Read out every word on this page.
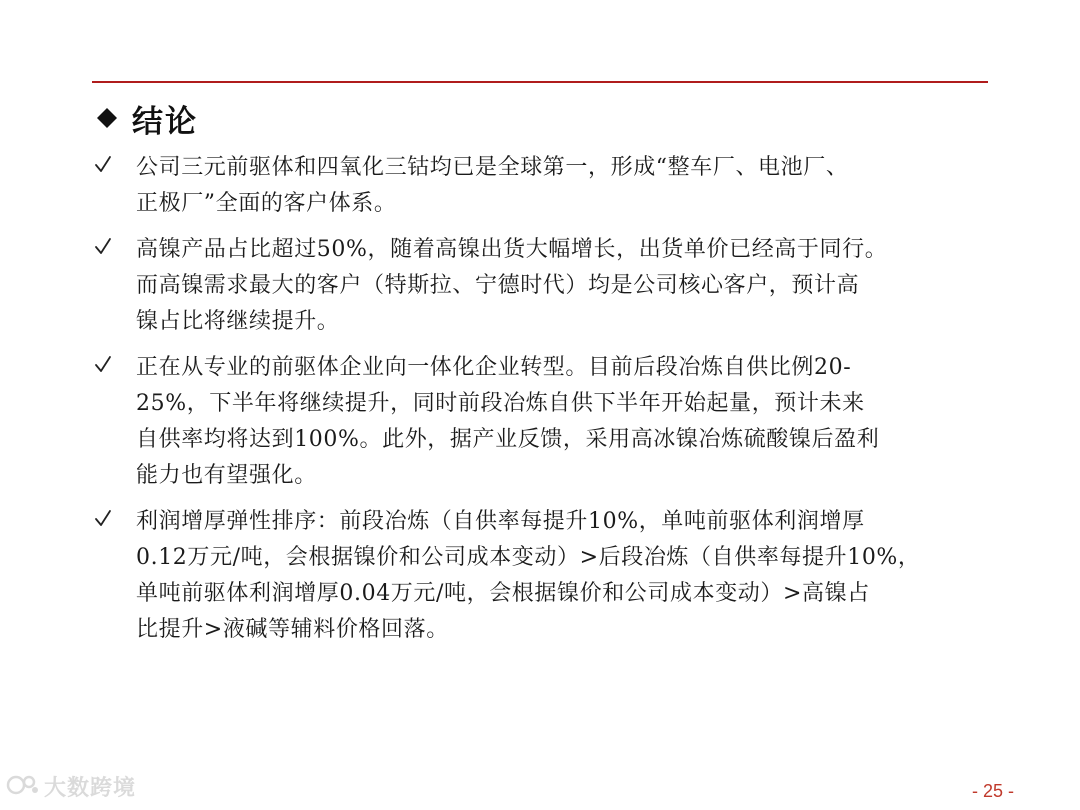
结论
公司三元前驱体和四氧化三钴均已是全球第一，形成“整车厂、电池厂、
正极厂”全面的客户体系。
高镍产品占比超过50%，随着高镍出货大幅增长，出货单价已经高于同行。
而高镍需求最大的客户（特斯拉、宁德时代）均是公司核心客户，预计高
镍占比将继续提升。
正在从专业的前驱体企业向一体化企业转型。目前后段冶炼自供比例20-
25%，下半年将继续提升，同时前段冶炼自供下半年开始起量，预计未来
自供率均将达到100%。此外，据产业反馈，采用高冰镍冶炼硫酸镍后盈利
能力也有望强化。
利润增厚弹性排序：前段冶炼（自供率每提升10%，单吨前驱体利润增厚
0.12万元/吨，会根据镍价和公司成本变动）>后段冶炼（自供率每提升10%，
单吨前驱体利润增厚0.04万元/吨，会根据镍价和公司成本变动）>高镍占
比提升>液碱等辅料价格回落。
大数跨境	- 25 -
